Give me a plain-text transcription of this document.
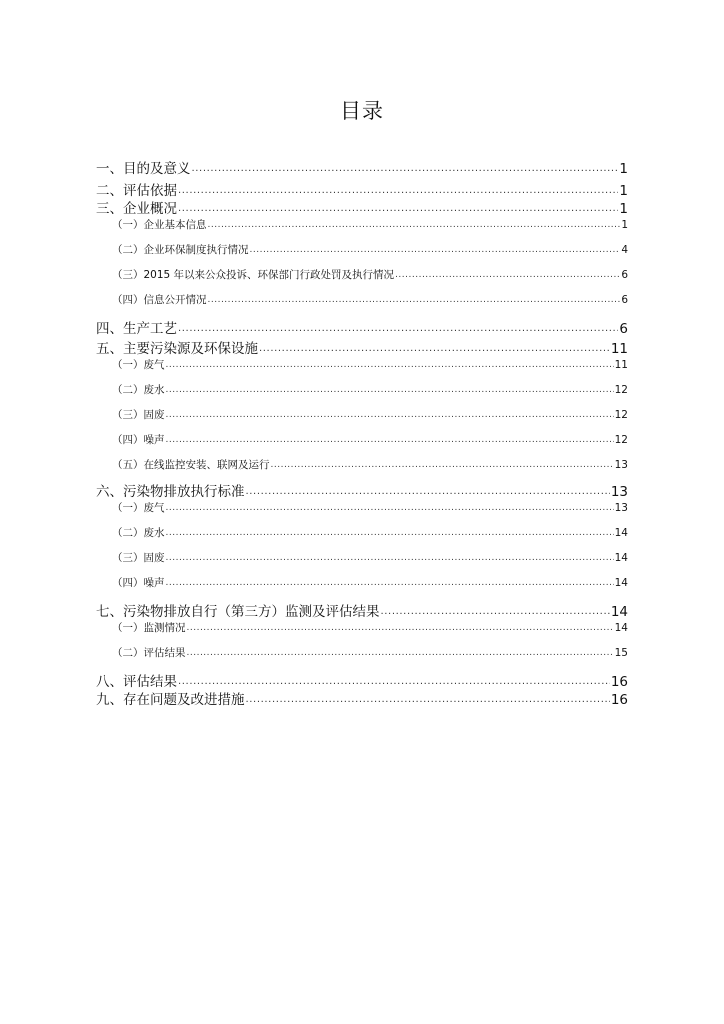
目录
一、目的及意义 .....	1
二、评估依据 .....	1
三、企业概况 .....	1
（一）企业基本信息 .....	1
（二）企业环保制度执行情况 .....	4
（三）2015 年以来公众投诉、环保部门行政处罚及执行情况 .....	6
（四）信息公开情况 .....	6
四、生产工艺 .....	6
五、主要污染源及环保设施 .....	11
（一）废气 .....	11
（二）废水 .....	12
（三）固废 .....	12
（四）噪声 .....	12
（五）在线监控安装、联网及运行 .....	13
六、污染物排放执行标准 .....	13
（一）废气 .....	13
（二）废水 .....	14
（三）固废 .....	14
（四）噪声 .....	14
七、污染物排放自行（第三方）监测及评估结果 .....	14
（一）监测情况 .....	14
（二）评估结果 .....	15
八、评估结果 .....	16
九、存在问题及改进措施 .....	16
